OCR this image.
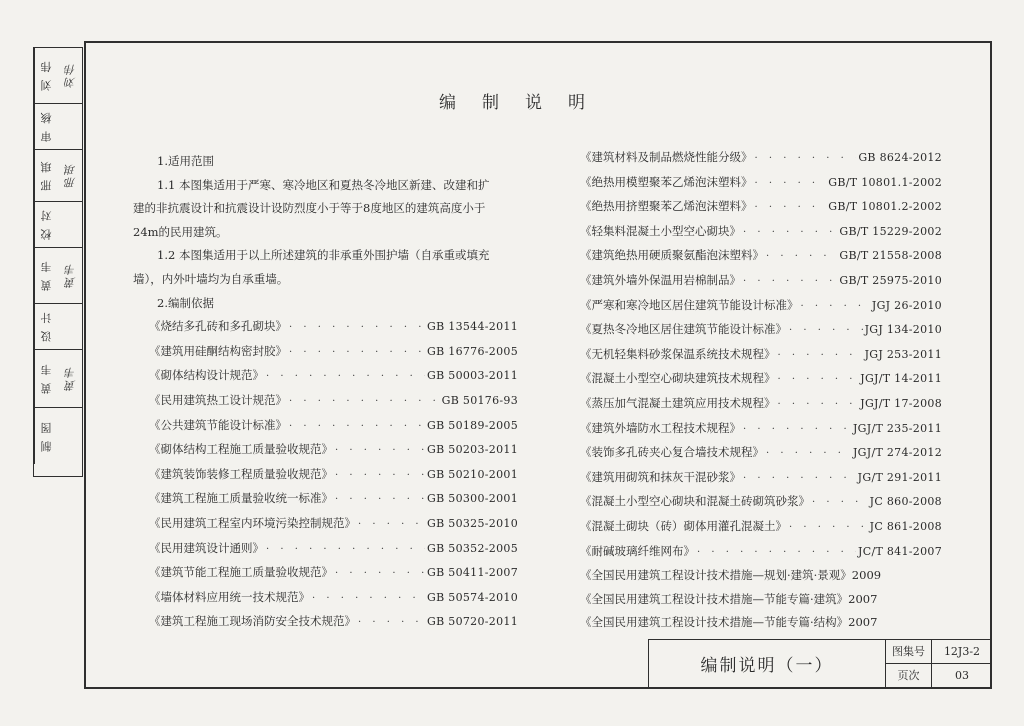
刘 伟	刘伟
审 核
邢 琪	邢琪
校 对
黄 韦	黄韦
设 计
黄 韦	黄韦
制 图
编制说明

1.适用范围

1.1 本图集适用于严寒、寒冷地区和夏热冬冷地区新建、改建和扩

建的非抗震设计和抗震设计设防烈度小于等于8度地区的建筑高度小于

24m的民用建筑。

1.2 本图集适用于以上所述建筑的非承重外围护墙（自承重或填充

墙），内外叶墙均为自承重墙。

2.编制依据

《烧结多孔砖和多孔砌块》 · · ·	GB 13544-2011
《建筑用硅酮结构密封胶》 · · ·	GB 16776-2005
《砌体结构设计规范》 · · ·	GB 50003-2011
《民用建筑热工设计规范》 · · ·	GB 50176-93
《公共建筑节能设计标准》 · · ·	GB 50189-2005
《砌体结构工程施工质量验收规范》 · · ·	GB 50203-2011
《建筑装饰装修工程质量验收规范》 · · ·	GB 50210-2001
《建筑工程施工质量验收统一标准》 · · ·	GB 50300-2001
《民用建筑工程室内环境污染控制规范》 · · ·	GB 50325-2010
《民用建筑设计通则》 · · ·	GB 50352-2005
《建筑节能工程施工质量验收规范》 · · ·	GB 50411-2007
《墙体材料应用统一技术规范》 · · ·	GB 50574-2010
《建筑工程施工现场消防安全技术规范》 · · ·	GB 50720-2011
《建筑材料及制品燃烧性能分级》 · · ·	GB 8624-2012
《绝热用模塑聚苯乙烯泡沫塑料》 · · ·	GB/T 10801.1-2002
《绝热用挤塑聚苯乙烯泡沫塑料》 · · ·	GB/T 10801.2-2002
《轻集料混凝土小型空心砌块》 · · ·	GB/T 15229-2002
《建筑绝热用硬质聚氨酯泡沫塑料》 · · ·	GB/T 21558-2008
《建筑外墙外保温用岩棉制品》 · · ·	GB/T 25975-2010
《严寒和寒冷地区居住建筑节能设计标准》 · · ·	JGJ 26-2010
《夏热冬冷地区居住建筑节能设计标准》 · · ·	JGJ 134-2010
《无机轻集料砂浆保温系统技术规程》 · · ·	JGJ 253-2011
《混凝土小型空心砌块建筑技术规程》 · · ·	JGJ/T 14-2011
《蒸压加气混凝土建筑应用技术规程》 · · ·	JGJ/T 17-2008
《建筑外墙防水工程技术规程》 · · ·	JGJ/T 235-2011
《装饰多孔砖夹心复合墙技术规程》 · · ·	JGJ/T 274-2012
《建筑用砌筑和抹灰干混砂浆》 · · ·	JG/T 291-2011
《混凝土小型空心砌块和混凝土砖砌筑砂浆》 · · ·	JC 860-2008
《混凝土砌块（砖）砌体用灌孔混凝土》 · · ·	JC 861-2008
《耐碱玻璃纤维网布》 · · ·	JC/T 841-2007

《全国民用建筑工程设计技术措施—规划·建筑·景观》2009

《全国民用建筑工程设计技术措施—节能专篇·建筑》2007

《全国民用建筑工程设计技术措施—节能专篇·结构》2007

编制说明（一）
图集号	12J3-2
页次	03
